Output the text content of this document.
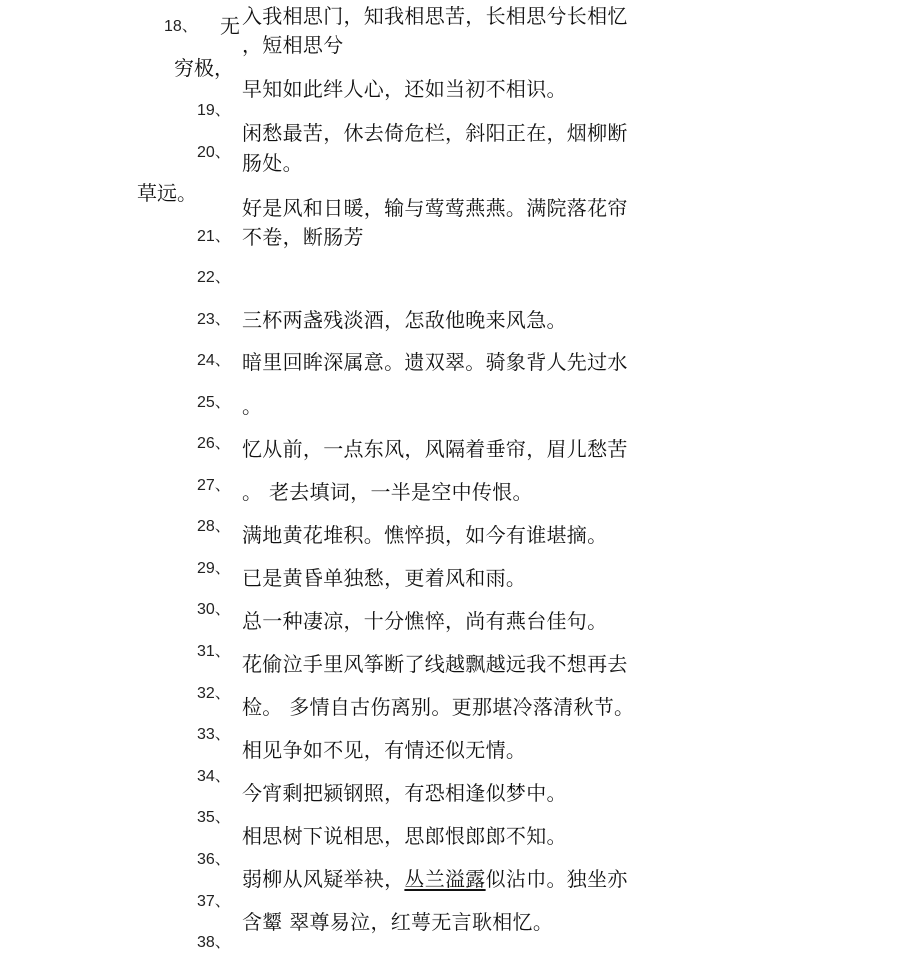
18、
19、
20、
21、
22、
23、
24、
25、
26、
27、
28、
29、
30、
31、
32、
33、
34、
35、
36、
37、
38、
无
穷极，
草远。
入我相思门，知我相思苦，长相思兮长相忆
，短相思兮
早知如此绊人心，还如当初不相识。
闲愁最苦，休去倚危栏，斜阳正在，烟柳断
肠处。
好是风和日暖，输与莺莺燕燕。满院落花帘
不卷，断肠芳
三杯两盏残淡酒，怎敌他晚来风急。
暗里回眸深属意。遗双翠。骑象背人先过水
。
忆从前，一点东风，风隔着垂帘，眉儿愁苦
。 老去填词，一半是空中传恨。
满地黄花堆积。憔悴损，如今有谁堪摘。
已是黄昏单独愁，更着风和雨。
总一种凄凉，十分憔悴，尚有燕台佳句。
花偷泣手里风筝断了线越飘越远我不想再去
检。 多情自古伤离别。更那堪冷落清秋节。
相见争如不见，有情还似无情。
今宵剩把颍钢照，有恐相逢似梦中。
相思树下说相思，思郎恨郎郎不知。
弱柳从风疑举袂，丛兰溢露似沾巾。独坐亦
含颦 翠尊易泣，红萼无言耿相忆。
